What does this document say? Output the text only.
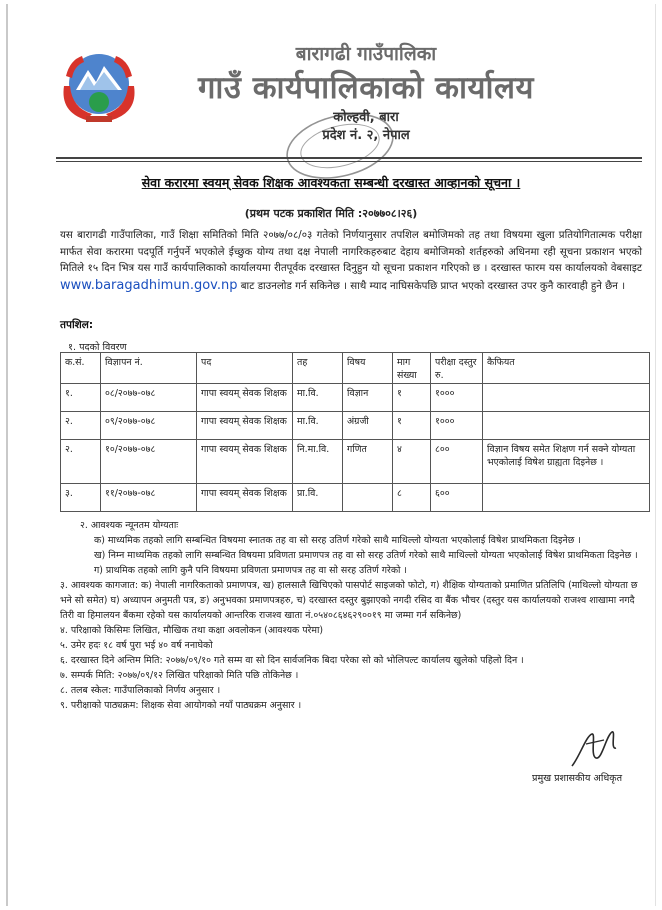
बारागढी गाउँपालिका
गाउँ कार्यपालिकाको कार्यालय
कोल्हवी, बारा
प्रदेश नं. २, नेपाल
सेवा करारमा स्वयम् सेवक शिक्षक आवश्यकता सम्बन्धी दरखास्त आव्हानको सूचना ।
(प्रथम पटक प्रकाशित मिति :२०७७०८।२६)
यस बारागढी गाउँपालिका, गाउँ शिक्षा समितिको मिति २०७७/०८/०३ गतेको निर्णयानुसार तपशिल बमोजिमको तह तथा विषयमा खुला प्रतियोगितात्मक परीक्षा मार्फत सेवा करारमा पदपूर्ति गर्नुपर्ने भएकोले ईच्छुक योग्य तथा दक्ष नेपाली नागरिकहरुबाट देहाय बमोजिमको शर्तहरुको अधिनमा रही सूचना प्रकाशन भएको मितिले १५ दिन भित्र यस गाउँ कार्यपालिकाको कार्यालयमा रीतपूर्वक दरखास्त दिनुहुन यो सूचना प्रकाशन गरिएको छ । दरखास्त फारम यस कार्यालयको वेबसाइट www.baragadhimun.gov.np बाट डाउनलोड गर्न सकिनेछ । साथै म्याद नाघिसकेपछि प्राप्त भएको दरखास्त उपर कुनै कारवाही हुने छैन ।
तपशिल:
१. पदको विवरण
क.सं.	विज्ञापन नं.	पद	तह	विषय	माग संख्या	परीक्षा दस्तुर रु.	कैफियत
१.	०८/२०७७-०७८	गापा स्वयम् सेवक शिक्षक	मा.वि.	विज्ञान	१	१०००	
२.	०९/२०७७-०७८	गापा स्वयम् सेवक शिक्षक	मा.वि.	अंग्रजी	१	१०००	
२.	१०/२०७७-०७८	गापा स्वयम् सेवक शिक्षक	नि.मा.वि.	गणित	४	८००	विज्ञान विषय समेत शिक्षण गर्न सक्ने योग्यता भएकोलाई विषेश ग्राह्यता दिइनेछ ।
३.	११/२०७७-०७८	गापा स्वयम् सेवक शिक्षक	प्रा.वि.		८	६००	
२. आवश्यक न्यूनतम योग्यताः
क) माध्यमिक तहको लागि सम्बन्धित विषयमा स्नातक तह वा सो सरह उतिर्ण गरेको साथै माथिल्लो योग्यता भएकोलाई विषेश प्राथमिकता दिइनेछ ।
ख) निम्न माध्यमिक तहको लागि सम्बन्धित विषयमा प्रविणता प्रमाणपत्र तह वा सो सरह उतिर्ण गरेको साथै माथिल्लो योग्यता भएकोलाई विषेश प्राथमिकता दिइनेछ ।
ग) प्राथमिक तहको लागि कुनै पनि विषयमा प्रविणता प्रमाणपत्र तह वा सो सरह उतिर्ण गरेको ।
३. आवश्यक कागजात: क) नेपाली नागरिकताको प्रमाणपत्र, ख) हालसालै खिचिएको पासपोर्ट साइजको फोटो, ग) शैक्षिक योग्यताको प्रमाणित प्रतिलिपि (माथिल्लो योग्यता छ भने सो समेत) घ) अध्यापन अनुमती पत्र, ङ) अनुभवका प्रमाणपत्रहरु, च) दरखास्त दस्तुर बुझाएको नगदी रसिद वा बैंक भौचर (दस्तुर यस कार्यालयको राजश्व शाखामा नगदै तिरी वा हिमालयन बैंकमा रहेको यस कार्यालयको आन्तरिक राजश्व खाता नं.०५४०८६४६२९००१९ मा जम्मा गर्न सकिनेछ)
४. परिक्षाको किसिमः लिखित, मौखिक तथा कक्षा अवलोकन (आवश्यक परेमा)
५. उमेर हदः १८ वर्ष पुरा भई ४० वर्ष ननाघेको
६. दरखास्त दिने अन्तिम मिति: २०७७/०९/१० गते सम्म वा सो दिन सार्वजनिक बिदा परेका सो को भोलिपल्ट कार्यालय खुलेको पहिलो दिन ।
७. सम्पर्क मिति: २०७७/०९/१२ लिखित परिक्षाको मिति पछि तोकिनेछ ।
८. तलब स्केल: गाउँपालिकाको निर्णय अनुसार ।
९. परीक्षाको पाठ्यक्रम: शिक्षक सेवा आयोगको नयाँ पाठ्यक्रम अनुसार ।
प्रमुख प्रशासकीय अधिकृत
